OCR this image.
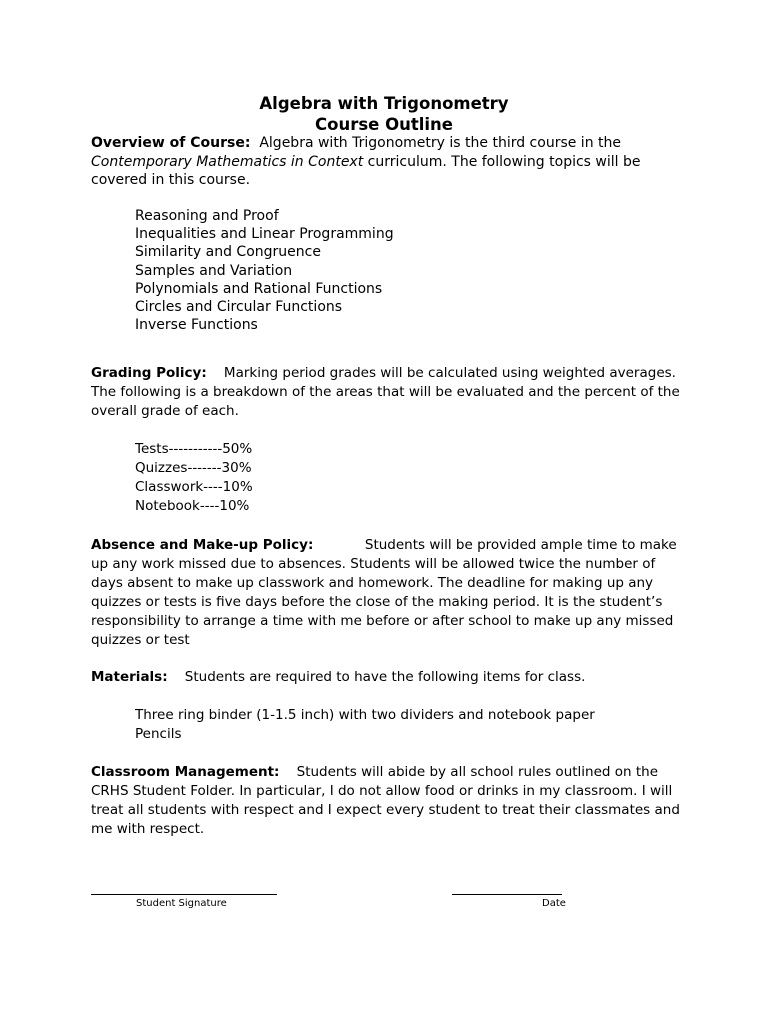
Algebra with Trigonometry
Course Outline

Overview of Course: Algebra with Trigonometry is the third course in the Contemporary Mathematics in Context curriculum. The following topics will be covered in this course.

Reasoning and Proof
Inequalities and Linear Programming
Similarity and Congruence
Samples and Variation
Polynomials and Rational Functions
Circles and Circular Functions
Inverse Functions

Grading Policy: Marking period grades will be calculated using weighted averages. The following is a breakdown of the areas that will be evaluated and the percent of the overall grade of each.

Tests-----------50%
Quizzes-------30%
Classwork----10%
Notebook----10%

Absence and Make-up Policy:	Students will be provided ample time to make up any work missed due to absences. Students will be allowed twice the number of days absent to make up classwork and homework. The deadline for making up any quizzes or tests is five days before the close of the making period. It is the student’s responsibility to arrange a time with me before or after school to make up any missed quizzes or test

Materials: Students are required to have the following items for class.

Three ring binder (1-1.5 inch) with two dividers and notebook paper
Pencils

Classroom Management: Students will abide by all school rules outlined on the CRHS Student Folder. In particular, I do not allow food or drinks in my classroom. I will treat all students with respect and I expect every student to treat their classmates and me with respect.

Student Signature	Date
